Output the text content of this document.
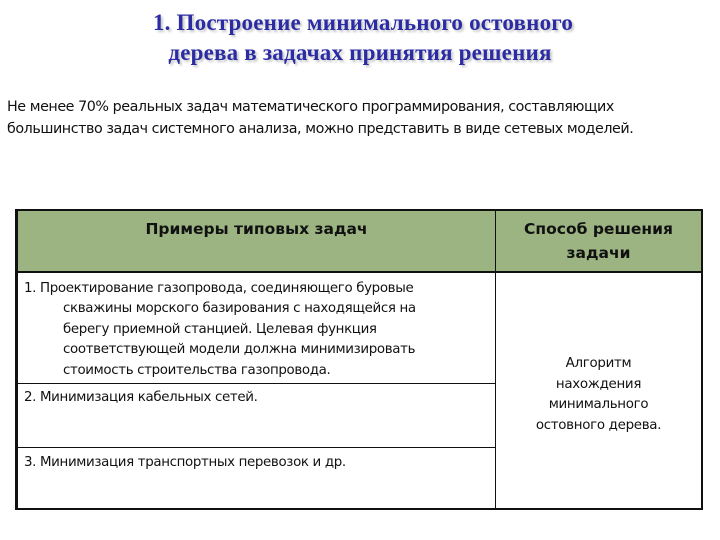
1. Построение минимального остовного
дерева в задачах принятия решения
Не менее 70% реальных задач математического программирования, составляющих
большинство задач системного анализа, можно представить в виде сетевых моделей.
Примеры типовых задач	Способ решения
задачи
1. Проектирование газопровода, соединяющего буровые
скважины морского базирования с находящейся на
берегу приемной станцией. Целевая функция
соответствующей модели должна минимизировать
стоимость строительства газопровода.
2. Минимизация кабельных сетей.
3. Минимизация транспортных перевозок и др.
Алгоритм
нахождения
минимального
остовного дерева.
